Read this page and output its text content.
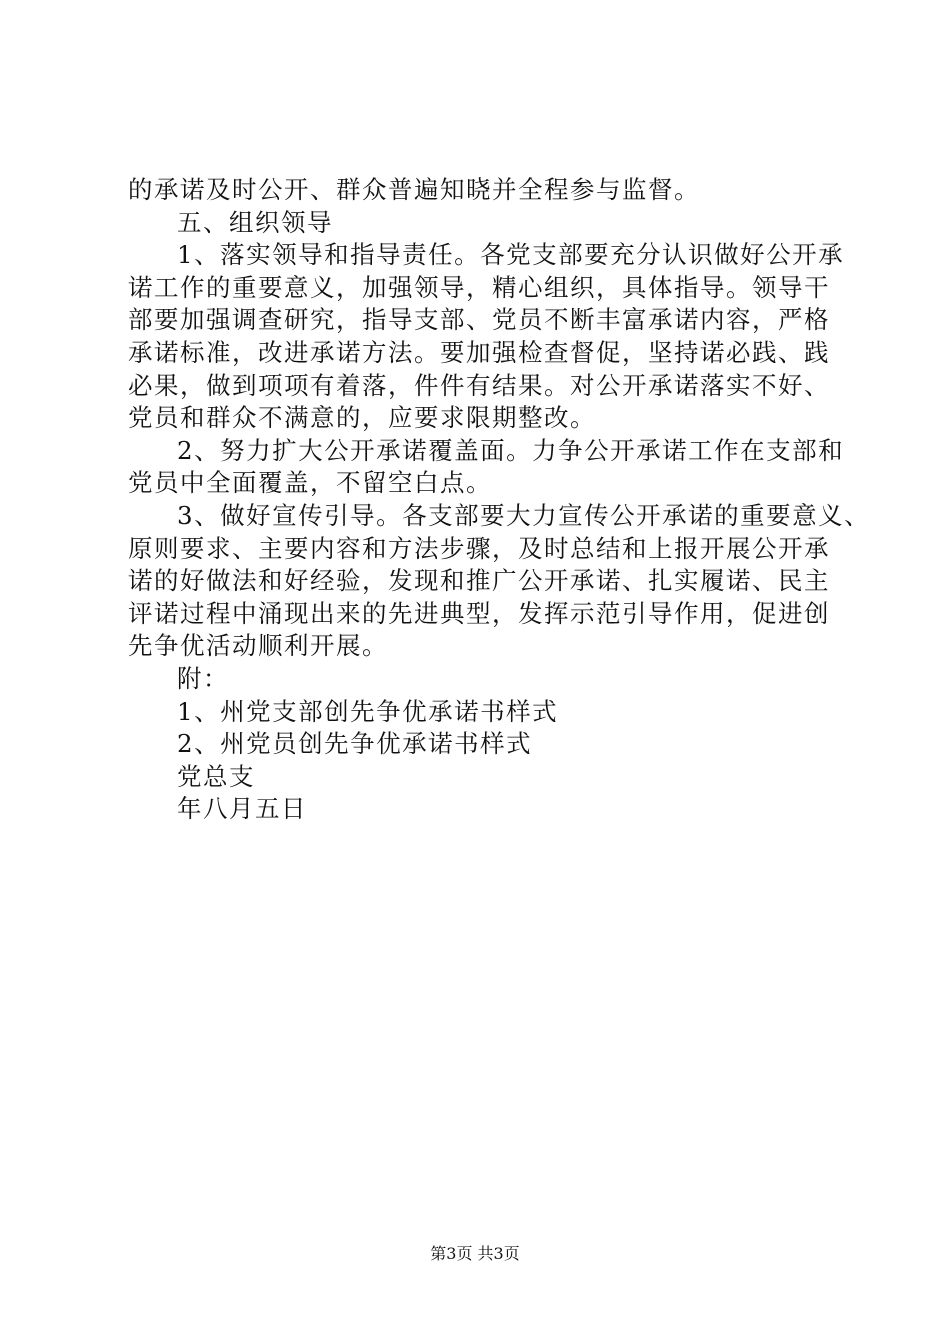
的承诺及时公开、群众普遍知晓并全程参与监督。
五、组织领导
1、落实领导和指导责任。各党支部要充分认识做好公开承
诺工作的重要意义，加强领导，精心组织，具体指导。领导干
部要加强调查研究，指导支部、党员不断丰富承诺内容，严格
承诺标准，改进承诺方法。要加强检查督促，坚持诺必践、践
必果，做到项项有着落，件件有结果。对公开承诺落实不好、
党员和群众不满意的，应要求限期整改。
2、努力扩大公开承诺覆盖面。力争公开承诺工作在支部和
党员中全面覆盖，不留空白点。
3、做好宣传引导。各支部要大力宣传公开承诺的重要意义、
原则要求、主要内容和方法步骤，及时总结和上报开展公开承
诺的好做法和好经验，发现和推广公开承诺、扎实履诺、民主
评诺过程中涌现出来的先进典型，发挥示范引导作用，促进创
先争优活动顺利开展。
附：
1、州党支部创先争优承诺书样式
2、州党员创先争优承诺书样式
党总支
年八月五日
第3页 共3页
